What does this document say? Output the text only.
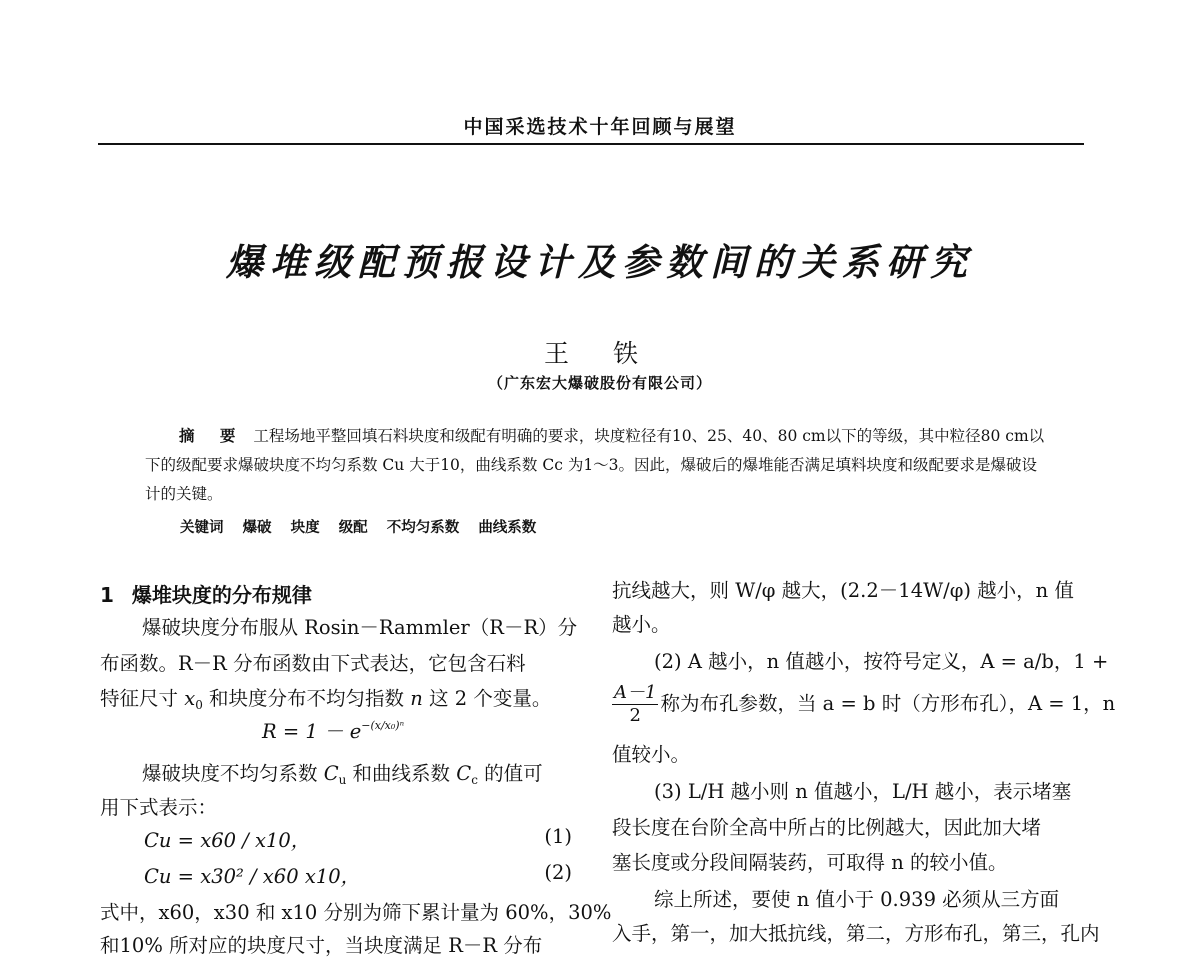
中国采选技术十年回顾与展望
爆堆级配预报设计及参数间的关系研究
王 铁
（广东宏大爆破股份有限公司）
摘 要 工程场地平整回填石料块度和级配有明确的要求，块度粒径有10、25、40、80 cm以下的等级，其中粒径80 cm以下的级配要求爆破块度不均匀系数 Cu 大于10，曲线系数 Cc 为1～3。因此，爆破后的爆堆能否满足填料块度和级配要求是爆破设计的关键。
关键词 爆破 块度 级配 不均匀系数 曲线系数
1 爆堆块度的分布规律
爆破块度分布服从 Rosin－Rammler（R－R）分
布函数。R－R 分布函数由下式表达，它包含石料
特征尺寸 $x_0$ 和块度分布不均匀指数 n 这 2 个变量。
$R = 1 - e^{-(x/x_0)^n}$
爆破块度不均匀系数 $C_u$ 和曲线系数 $C_c$ 的值可
用下式表示：
Cu = x60 / x10，	(1)
Cu = x30² / x60 x10，	(2)
式中，x60，x30 和 x10 分别为筛下累计量为 60%，30%
和10% 所对应的块度尺寸，当块度满足 R－R 分布
抗线越大，则 W/φ 越大，(2.2－14W/φ) 越小，n 值
越小。
(2) A 越小，n 值越小，按符号定义，A = a/b，1 +
$\frac{A-1}{2}$ 称为布孔参数，当 a = b 时（方形布孔），A = 1，n
值较小。
(3) L/H 越小则 n 值越小，L/H 越小，表示堵塞
段长度在台阶全高中所占的比例越大，因此加大堵
塞长度或分段间隔装药，可取得 n 的较小值。
综上所述，要使 n 值小于 0.939 必须从三方面
入手，第一，加大抵抗线，第二，方形布孔，第三，孔内
